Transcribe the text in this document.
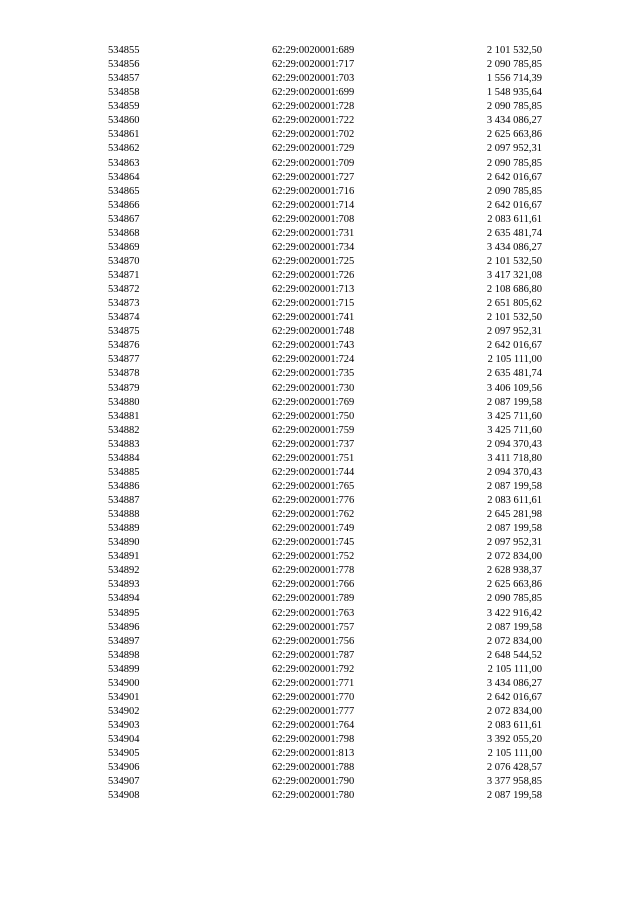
534855	62:29:0020001:689	2 101 532,50
534856	62:29:0020001:717	2 090 785,85
534857	62:29:0020001:703	1 556 714,39
534858	62:29:0020001:699	1 548 935,64
534859	62:29:0020001:728	2 090 785,85
534860	62:29:0020001:722	3 434 086,27
534861	62:29:0020001:702	2 625 663,86
534862	62:29:0020001:729	2 097 952,31
534863	62:29:0020001:709	2 090 785,85
534864	62:29:0020001:727	2 642 016,67
534865	62:29:0020001:716	2 090 785,85
534866	62:29:0020001:714	2 642 016,67
534867	62:29:0020001:708	2 083 611,61
534868	62:29:0020001:731	2 635 481,74
534869	62:29:0020001:734	3 434 086,27
534870	62:29:0020001:725	2 101 532,50
534871	62:29:0020001:726	3 417 321,08
534872	62:29:0020001:713	2 108 686,80
534873	62:29:0020001:715	2 651 805,62
534874	62:29:0020001:741	2 101 532,50
534875	62:29:0020001:748	2 097 952,31
534876	62:29:0020001:743	2 642 016,67
534877	62:29:0020001:724	2 105 111,00
534878	62:29:0020001:735	2 635 481,74
534879	62:29:0020001:730	3 406 109,56
534880	62:29:0020001:769	2 087 199,58
534881	62:29:0020001:750	3 425 711,60
534882	62:29:0020001:759	3 425 711,60
534883	62:29:0020001:737	2 094 370,43
534884	62:29:0020001:751	3 411 718,80
534885	62:29:0020001:744	2 094 370,43
534886	62:29:0020001:765	2 087 199,58
534887	62:29:0020001:776	2 083 611,61
534888	62:29:0020001:762	2 645 281,98
534889	62:29:0020001:749	2 087 199,58
534890	62:29:0020001:745	2 097 952,31
534891	62:29:0020001:752	2 072 834,00
534892	62:29:0020001:778	2 628 938,37
534893	62:29:0020001:766	2 625 663,86
534894	62:29:0020001:789	2 090 785,85
534895	62:29:0020001:763	3 422 916,42
534896	62:29:0020001:757	2 087 199,58
534897	62:29:0020001:756	2 072 834,00
534898	62:29:0020001:787	2 648 544,52
534899	62:29:0020001:792	2 105 111,00
534900	62:29:0020001:771	3 434 086,27
534901	62:29:0020001:770	2 642 016,67
534902	62:29:0020001:777	2 072 834,00
534903	62:29:0020001:764	2 083 611,61
534904	62:29:0020001:798	3 392 055,20
534905	62:29:0020001:813	2 105 111,00
534906	62:29:0020001:788	2 076 428,57
534907	62:29:0020001:790	3 377 958,85
534908	62:29:0020001:780	2 087 199,58
